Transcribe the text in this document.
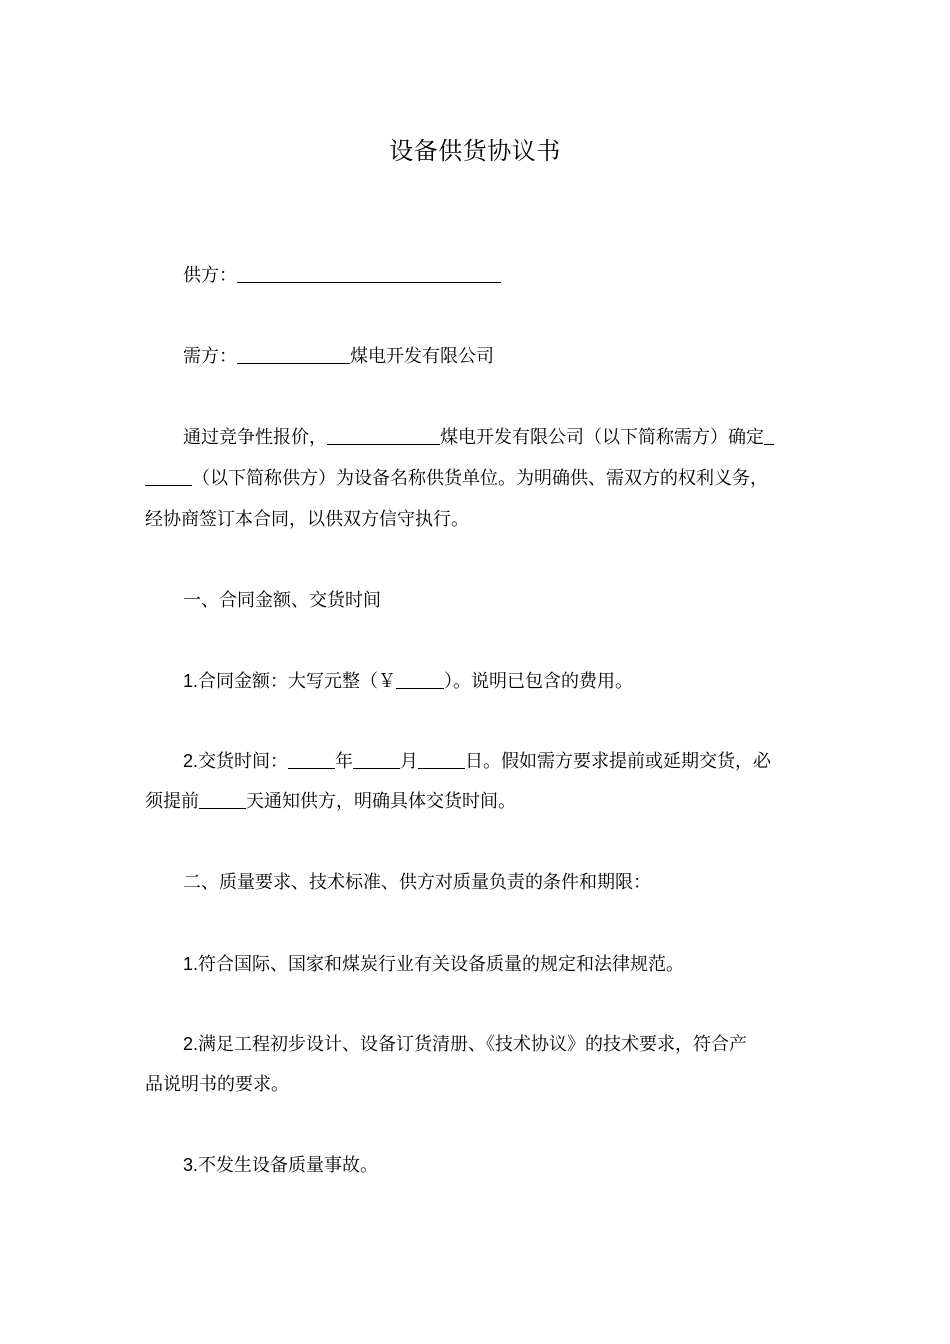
设备供货协议书
供方：
需方：	煤电开发有限公司
通过竞争性报价，	煤电开发有限公司（以下简称需方）确定
（以下简称供方）为设备名称供货单位。为明确供、需双方的权利义务，
经协商签订本合同，以供双方信守执行。
一、合同金额、交货时间
1.合同金额：大写元整（￥	）。说明已包含的费用。
2.交货时间：	年	月	日。假如需方要求提前或延期交货，必
须提前	天通知供方，明确具体交货时间。
二、质量要求、技术标准、供方对质量负责的条件和期限：
1.符合国际、国家和煤炭行业有关设备质量的规定和法律规范。
2.满足工程初步设计、设备订货清册、《技术协议》的技术要求，符合产
品说明书的要求。
3.不发生设备质量事故。
